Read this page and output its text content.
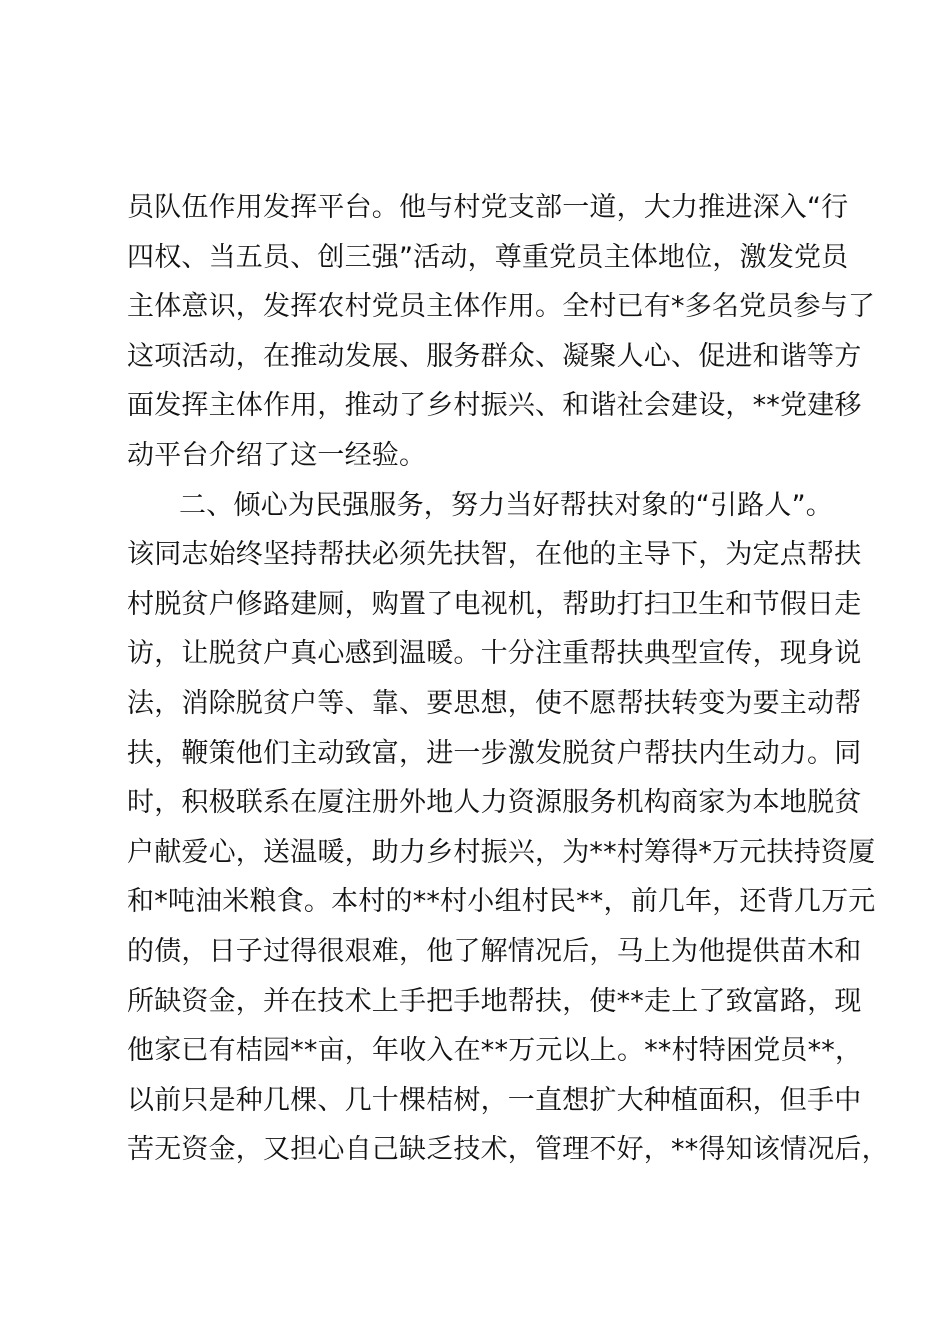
员队伍作用发挥平台。他与村党支部一道，大力推进深入“行
四权、当五员、创三强”活动，尊重党员主体地位，激发党员
主体意识，发挥农村党员主体作用。全村已有*多名党员参与了
这项活动，在推动发展、服务群众、凝聚人心、促进和谐等方
面发挥主体作用，推动了乡村振兴、和谐社会建设，**党建移
动平台介绍了这一经验。
二、倾心为民强服务，努力当好帮扶对象的“引路人”。
该同志始终坚持帮扶必须先扶智，在他的主导下，为定点帮扶
村脱贫户修路建厕，购置了电视机，帮助打扫卫生和节假日走
访，让脱贫户真心感到温暖。十分注重帮扶典型宣传，现身说
法，消除脱贫户等、靠、要思想，使不愿帮扶转变为要主动帮
扶，鞭策他们主动致富，进一步激发脱贫户帮扶内生动力。同
时，积极联系在厦注册外地人力资源服务机构商家为本地脱贫
户献爱心，送温暖，助力乡村振兴，为**村筹得*万元扶持资厦
和*吨油米粮食。本村的**村小组村民**，前几年，还背几万元
的债，日子过得很艰难，他了解情况后，马上为他提供苗木和
所缺资金，并在技术上手把手地帮扶，使**走上了致富路，现
他家已有桔园**亩，年收入在**万元以上。**村特困党员**，
以前只是种几棵、几十棵桔树，一直想扩大种植面积，但手中
苦无资金，又担心自己缺乏技术，管理不好，**得知该情况后，
